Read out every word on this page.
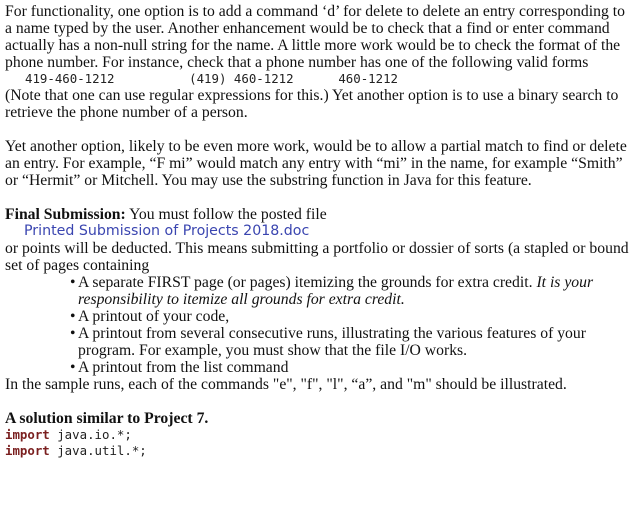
For functionality, one option is to add a command ‘d’ for delete to delete an entry corresponding to a name typed by the user. Another enhancement would be to check that a find or enter command actually has a non-null string for the name. A little more work would be to check the format of the phone number. For instance, check that a phone number has one of the following valid forms

419-460-1212	(419) 460-1212	460-1212

(Note that one can use regular expressions for this.) Yet another option is to use a binary search to retrieve the phone number of a person.

Yet another option, likely to be even more work, would be to allow a partial match to find or delete an entry. For example, “F mi” would match any entry with “mi” in the name, for example “Smith” or “Hermit” or Mitchell. You may use the substring function in Java for this feature.

Final Submission: You must follow the posted file

Printed Submission of Projects 2018.doc

or points will be deducted. This means submitting a portfolio or dossier of sorts (a stapled or bound set of pages containing

• A separate FIRST page (or pages) itemizing the grounds for extra credit. It is your responsibility to itemize all grounds for extra credit.
• A printout of your code,
• A printout from several consecutive runs, illustrating the various features of your program. For example, you must show that the file I/O works.
• A printout from the list command

In the sample runs, each of the commands "e", "f", "l", “a”, and "m" should be illustrated.

A solution similar to Project 7.

import java.io.*;
import java.util.*;
